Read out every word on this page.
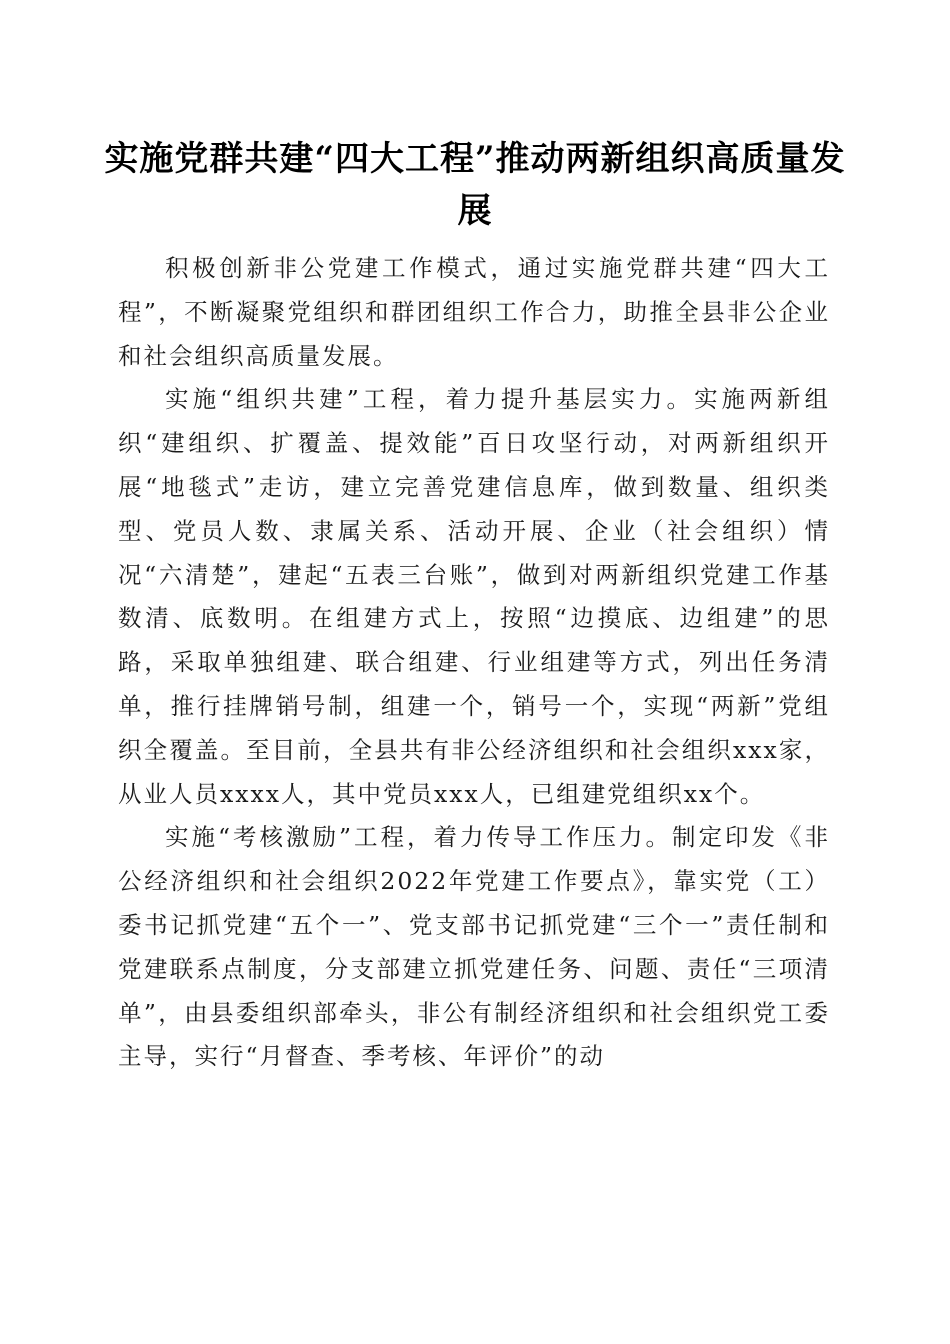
实施党群共建“四大工程”推动两新组织高质量发展

积极创新非公党建工作模式，通过实施党群共建“四大工程”，不断凝聚党组织和群团组织工作合力，助推全县非公企业和社会组织高质量发展。

实施“组织共建”工程，着力提升基层实力。实施两新组织“建组织、扩覆盖、提效能”百日攻坚行动，对两新组织开展“地毯式”走访，建立完善党建信息库，做到数量、组织类型、党员人数、隶属关系、活动开展、企业（社会组织）情况“六清楚”，建起“五表三台账”，做到对两新组织党建工作基数清、底数明。在组建方式上，按照“边摸底、边组建”的思路，采取单独组建、联合组建、行业组建等方式，列出任务清单，推行挂牌销号制，组建一个，销号一个，实现“两新”党组织全覆盖。至目前，全县共有非公经济组织和社会组织xxx家，从业人员xxxx人，其中党员xxx人，已组建党组织xx个。

实施“考核激励”工程，着力传导工作压力。制定印发《非公经济组织和社会组织2022年党建工作要点》，靠实党（工）委书记抓党建“五个一”、党支部书记抓党建“三个一”责任制和党建联系点制度，分支部建立抓党建任务、问题、责任“三项清单”，由县委组织部牵头，非公有制经济组织和社会组织党工委主导，实行“月督查、季考核、年评价”的动
